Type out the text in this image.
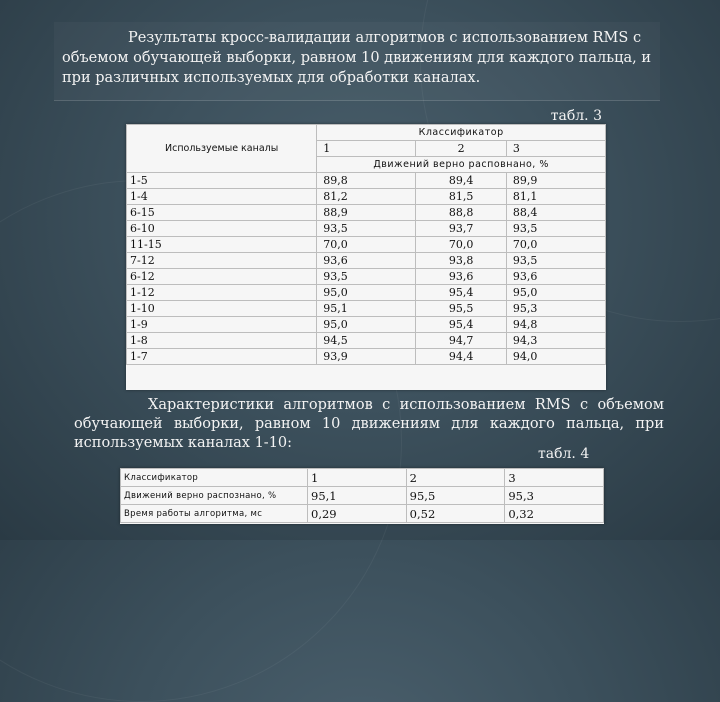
Результаты кросс-валидации алгоритмов с использованием RMS с объемом обучающей выборки, равном 10 движениям для каждого пальца, и при различных используемых для обработки каналах.

табл. 3
Используемые каналы	Классификатор		
	1	2	3
	Движений верно расповнано, %		
1-5	89,8	89,4	89,9
1-4	81,2	81,5	81,1
6-15	88,9	88,8	88,4
6-10	93,5	93,7	93,5
11-15	70,0	70,0	70,0
7-12	93,6	93,8	93,5
6-12	93,5	93,6	93,6
1-12	95,0	95,4	95,0
1-10	95,1	95,5	95,3
1-9	95,0	95,4	94,8
1-8	94,5	94,7	94,3
1-7	93,9	94,4	94,0

Характеристики алгоритмов с использованием RMS с объемом обучающей выборки, равном 10 движениям для каждого пальца, при используемых каналах 1-10:

табл. 4
Классификатор	1	2	3
Движений верно распознано, %	95,1	95,5	95,3
Время работы алгоритма, мс	0,29	0,52	0,32
